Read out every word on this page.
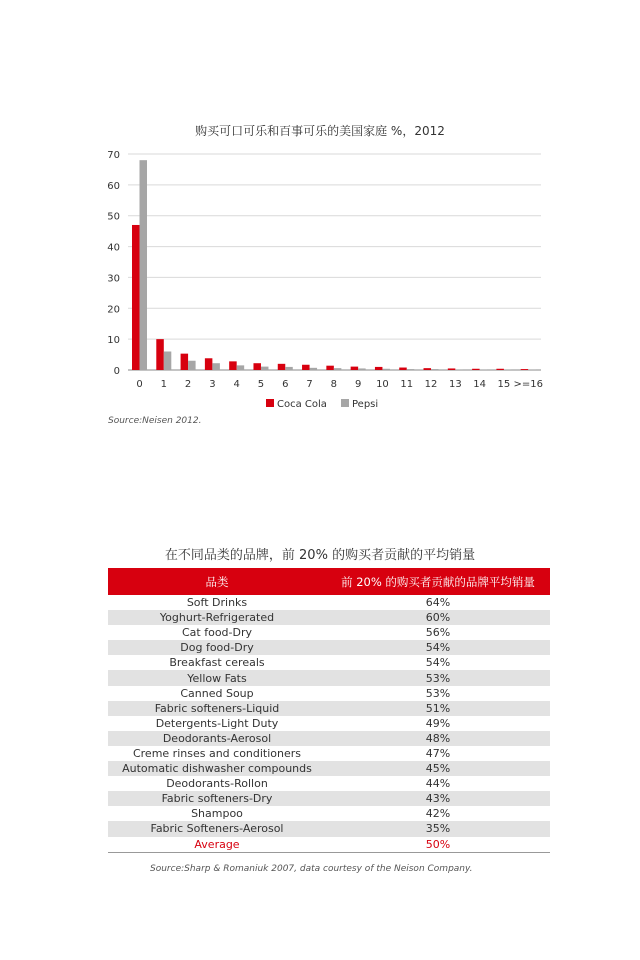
购买可口可乐和百事可乐的美国家庭 %，2012
0
10
20
30
40
50
60
70
0 1 2 3 4 5 6 7 8 9 10 11 12 13 14 15 >=16
Coca Cola	Pepsi
Source:Neisen 2012.
在不同品类的品牌，前 20% 的购买者贡献的平均销量
品类	前 20% 的购买者贡献的品牌平均销量
Soft Drinks	64%
Yoghurt-Refrigerated	60%
Cat food-Dry	56%
Dog food-Dry	54%
Breakfast cereals	54%
Yellow Fats	53%
Canned Soup	53%
Fabric softeners-Liquid	51%
Detergents-Light Duty	49%
Deodorants-Aerosol	48%
Creme rinses and conditioners	47%
Automatic dishwasher compounds	45%
Deodorants-Rollon	44%
Fabric softeners-Dry	43%
Shampoo	42%
Fabric Softeners-Aerosol	35%
Average	50%
Source:Sharp & Romaniuk 2007, data courtesy of the Neison Company.
